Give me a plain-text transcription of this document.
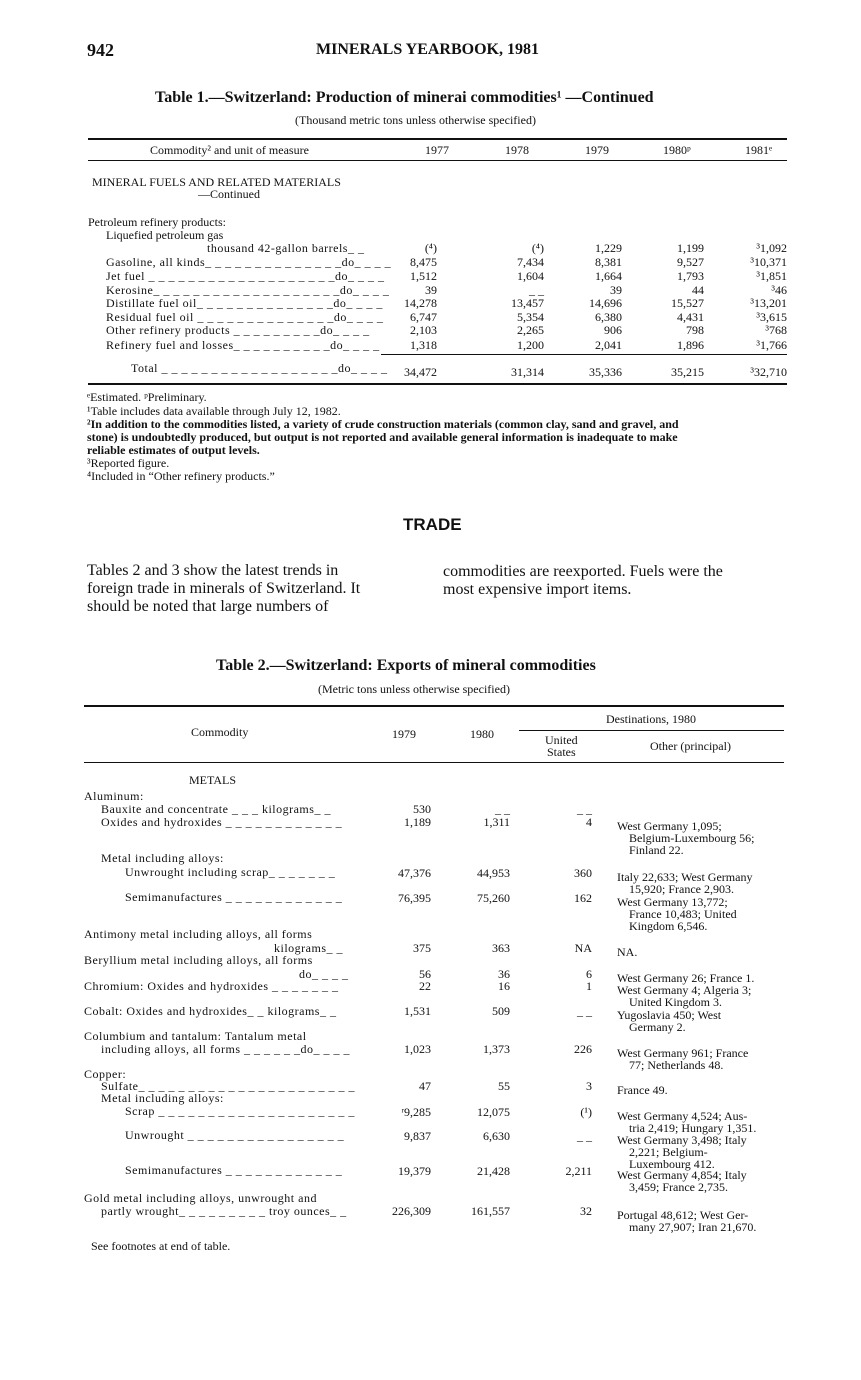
942	MINERALS YEARBOOK, 1981
Table 1.—Switzerland: Production of minerai commodities¹ —Continued
(Thousand metric tons unless otherwise specified)
Commodity² and unit of measure	1977	1978	1979	1980ᵖ	1981ᵉ
MINERAL FUELS AND RELATED MATERIALS
—Continued
Petroleum refinery products:
Liquefied petroleum gas
thousand 42-gallon barrels_ _	(⁴)	(⁴)	1,229	1,199	³1,092
Gasoline, all kinds_ _ _ _ _ _ _ _ _ _ _ _ _ _do_ _ _ _ 8,475	7,434	8,381	9,527	³10,371
Jet fuel _ _ _ _ _ _ _ _ _ _ _ _ _ _ _ _ _ _ _do_ _ _ _ 1,512	1,604	1,664	1,793	³1,851
Kerosine_ _ _ _ _ _ _ _ _ _ _ _ _ _ _ _ _ _ _do_ _ _ _	39	_ _	39	44	³46
Distillate fuel oil_ _ _ _ _ _ _ _ _ _ _ _ _ _do_ _ _ _ 14,278	13,457	14,696	15,527	³13,201
Residual fuel oil _ _ _ _ _ _ _ _ _ _ _ _ _ _do_ _ _ _ 6,747	5,354	6,380	4,431	³3,615
Other refinery products _ _ _ _ _ _ _ _ _do_ _ _ _	2,103	2,265	906	798	³768
Refinery fuel and losses_ _ _ _ _ _ _ _ _ _do_ _ _ _	1,318	1,200	2,041	1,896	³1,766
Total _ _ _ _ _ _ _ _ _ _ _ _ _ _ _ _ _ _do_ _ _ _ 34,472	31,314	35,336	35,215	³32,710
ᵉEstimated. ᵖPreliminary.
¹Table includes data available through July 12, 1982.
²In addition to the commodities listed, a variety of crude construction materials (common clay, sand and gravel, and
stone) is undoubtedly produced, but output is not reported and available general information is inadequate to make
reliable estimates of output levels.
³Reported figure.
⁴Included in “Other refinery products.”
TRADE
Tables 2 and 3 show the latest trends in
foreign trade in minerals of Switzerland. It
should be noted that large numbers of
commodities are reexported. Fuels were the
most expensive import items.
Table 2.—Switzerland: Exports of mineral commodities
(Metric tons unless otherwise specified)
Commodity	1979	1980
Destinations, 1980
United
States	Other (principal)
METALS
Aluminum:
Bauxite and concentrate _ _ _ kilograms_ _	530	_ _	_ _
Oxides and hydroxides _ _ _ _ _ _ _ _ _ _ _ _	1,189	1,311	4 West Germany 1,095;
Belgium-Luxembourg 56;
Finland 22.
Metal including alloys:
Unwrought including scrap_ _ _ _ _ _ _	47,376	44,953	360 Italy 22,633; West Germany
15,920; France 2,903.
Semimanufactures _ _ _ _ _ _ _ _ _ _ _ _	76,395	75,260	162 West Germany 13,772;
France 10,483; United
Kingdom 6,546.
Antimony metal including alloys, all forms
kilograms_ _	375	363	NA NA.
Beryllium metal including alloys, all forms
do_ _ _ _	56	36	6 West Germany 26; France 1.
Chromium: Oxides and hydroxides _ _ _ _ _ _ _	22	16	1 West Germany 4; Algeria 3;
United Kingdom 3.
Cobalt: Oxides and hydroxides_ _ kilograms_ _	1,531	509	_ _ Yugoslavia 450; West
Germany 2.
Columbium and tantalum: Tantalum metal
including alloys, all forms _ _ _ _ _ _do_ _ _ _	1,023	1,373	226 West Germany 961; France
77; Netherlands 48.
Copper:
Sulfate_ _ _ _ _ _ _ _ _ _ _ _ _ _ _ _ _ _ _ _ _ _	47	55	3 France 49.
Metal including alloys:
Scrap _ _ _ _ _ _ _ _ _ _ _ _ _ _ _ _ _ _ _ _	ʳ9,285	12,075	(¹) West Germany 4,524; Aus-
tria 2,419; Hungary 1,351.
Unwrought _ _ _ _ _ _ _ _ _ _ _ _ _ _ _ _	9,837	6,630	_ _ West Germany 3,498; Italy
2,221; Belgium-
Luxembourg 412.
Semimanufactures _ _ _ _ _ _ _ _ _ _ _ _	19,379	21,428	2,211 West Germany 4,854; Italy
3,459; France 2,735.
Gold metal including alloys, unwrought and
partly wrought_ _ _ _ _ _ _ _ _ troy ounces_ _	226,309	161,557	32 Portugal 48,612; West Ger-
many 27,907; Iran 21,670.
See footnotes at end of table.
